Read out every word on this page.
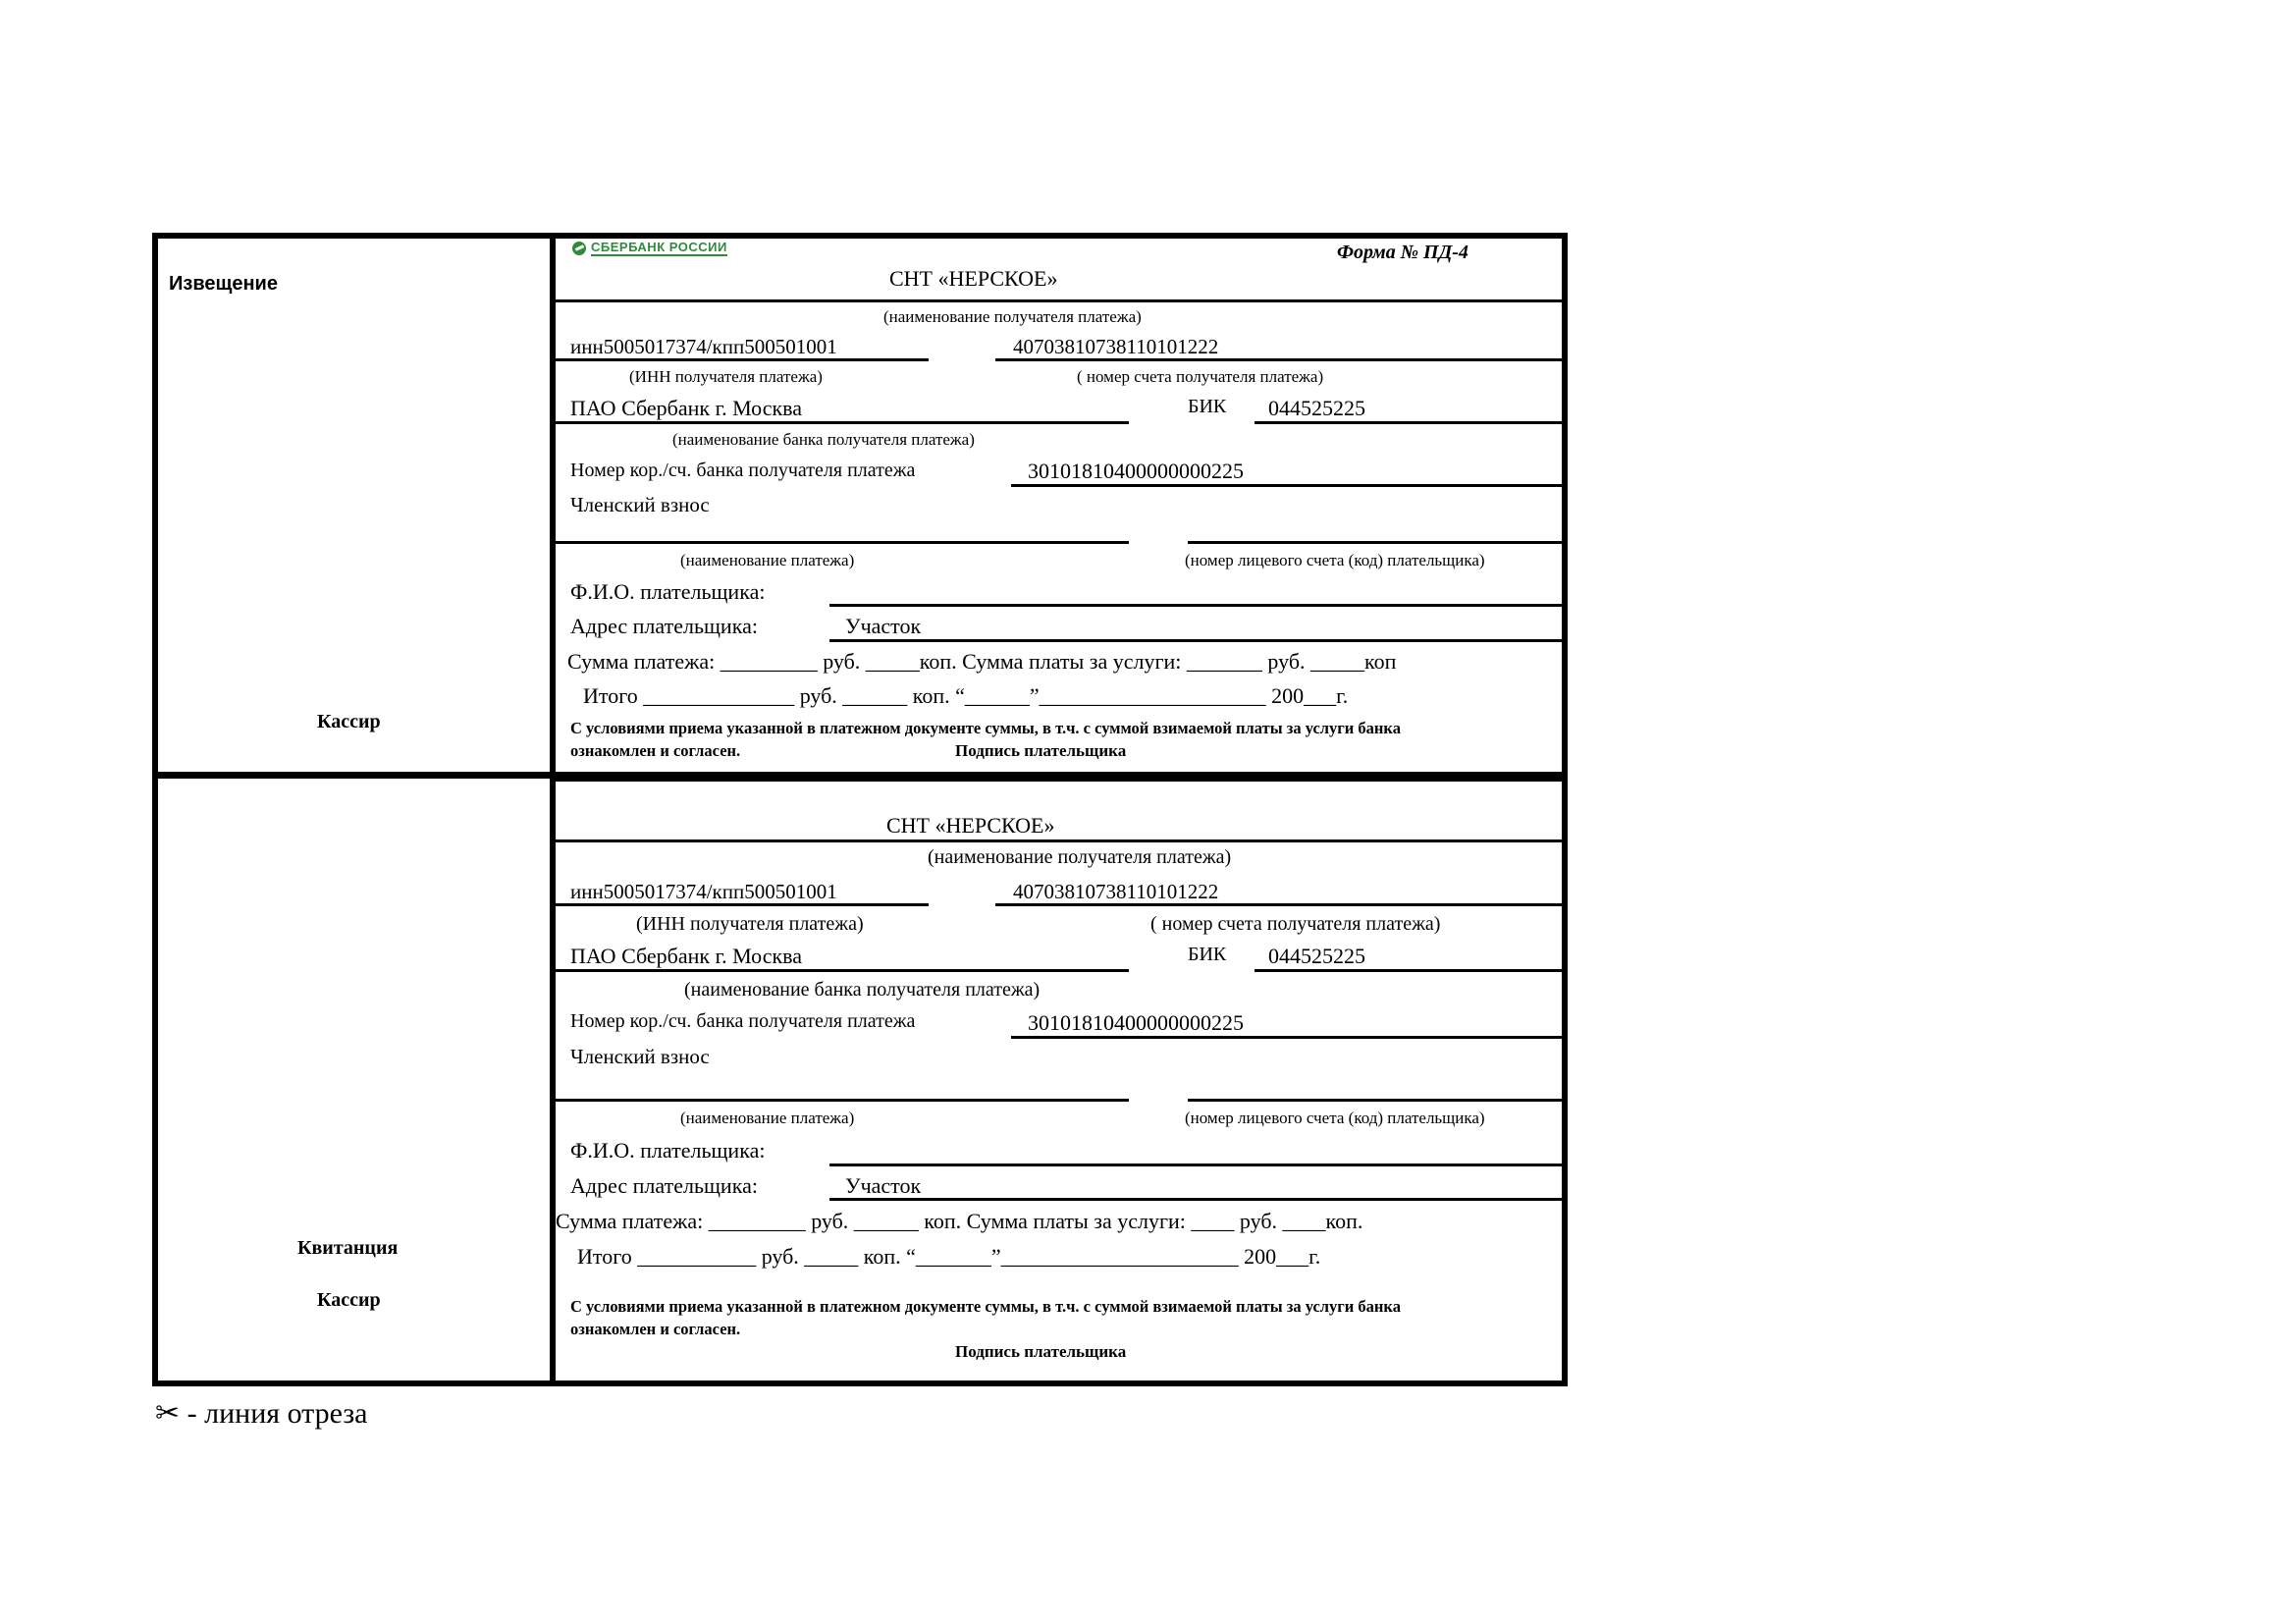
Извещение
Кассир
Квитанция
Кассир
СБЕРБАНК РОССИИ	Форма № ПД-4
СНТ «НЕРСКОЕ»
(наименование получателя платежа)
инн5005017374/кпп500501001	40703810738110101222
(ИНН получателя платежа)	( номер счета получателя платежа)
ПАО Сбербанк г. Москва	БИК 044525225
(наименование банка получателя платежа)
Номер кор./сч. банка получателя платежа	30101810400000000225
Членский взнос
(наименование платежа)	(номер лицевого счета (код) плательщика)
Ф.И.О. плательщика:
Адрес плательщика:	Участок
Сумма платежа: _________ руб. _____коп. Сумма платы за услуги: _______ руб. _____коп
Итого ______________ руб. ______ коп. “______”_____________________ 200___г.
С условиями приема указанной в платежном документе суммы, в т.ч. с суммой взимаемой платы за услуги банка
ознакомлен и согласен.	Подпись плательщика
СНТ «НЕРСКОЕ»
(наименование получателя платежа)
инн5005017374/кпп500501001	40703810738110101222
(ИНН получателя платежа)	( номер счета получателя платежа)
ПАО Сбербанк г. Москва	БИК 044525225
(наименование банка получателя платежа)
Номер кор./сч. банка получателя платежа	30101810400000000225
Членский взнос
(наименование платежа)	(номер лицевого счета (код) плательщика)
Ф.И.О. плательщика:
Адрес плательщика:	Участок
Сумма платежа: _________ руб. ______ коп. Сумма платы за услуги: ____ руб. ____коп.
Итого ___________ руб. _____ коп. “_______”______________________ 200___г.
С условиями приема указанной в платежном документе суммы, в т.ч. с суммой взимаемой платы за услуги банка
ознакомлен и согласен.
Подпись плательщика
✂ - линия отреза
